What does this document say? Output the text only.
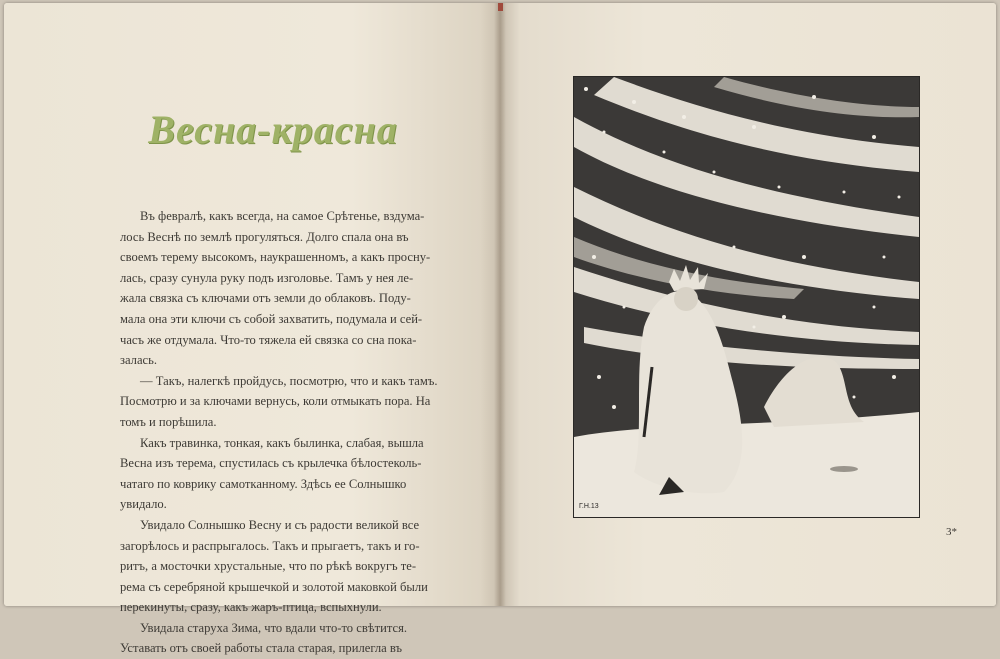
Весна-красна

Въ февралѣ, какъ всегда, на самое Срѣтенье, вздума-
лось Веснѣ по землѣ прогуляться. Долго спала она въ
своемъ терему высокомъ, наукрашенномъ, а какъ просну-
лась, сразу сунула руку подъ изголовье. Тамъ у нея ле-
жала связка съ ключами отъ земли до облаковъ. Поду-
мала она эти ключи съ собой захватить, подумала и сей-
часъ же отдумала. Что-то тяжела ей связка со сна пока-
залась.

— Такъ, налегкѣ пройдусь, посмотрю, что и какъ тамъ.
Посмотрю и за ключами вернусь, коли отмыкать пора. На
томъ и порѣшила.

Какъ травинка, тонкая, какъ былинка, слабая, вышла
Весна изъ терема, спустилась съ крылечка бѣлостеколь-
чатаго по коврику самотканному. Здѣсь ее Солнышко
увидало.

Увидало Солнышко Весну и съ радости великой все
загорѣлось и распрыгалось. Такъ и прыгаетъ, такъ и го-
ритъ, а мосточки хрустальные, что по рѣкѣ вокругъ те-
рема съ серебряной крышечкой и золотой маковкой были
перекинуты, сразу, какъ жаръ-птица, вспыхнули.

Увидала старуха Зима, что вдали что-то свѣтится.
Уставать отъ своей работы стала старая, прилегла въ

Г.Н.13
3*
